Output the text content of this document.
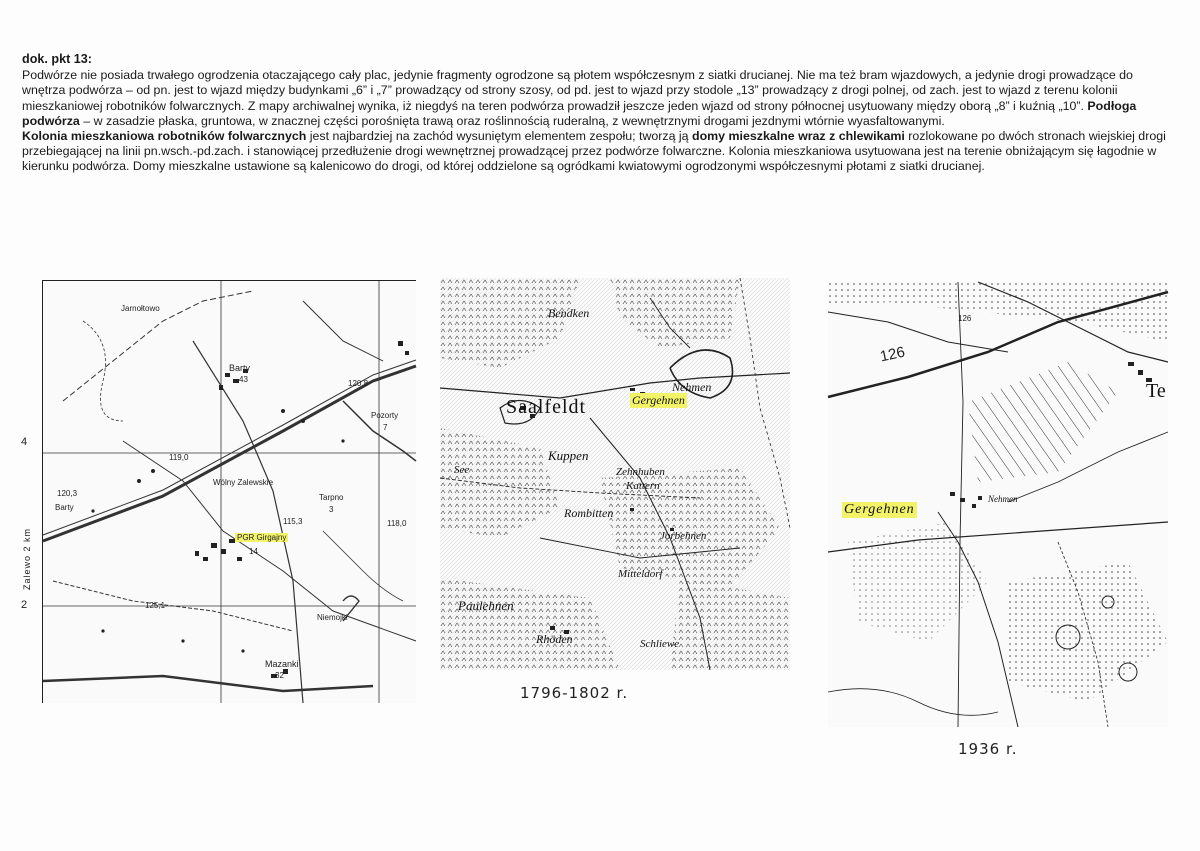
dok. pkt 13:

Podwórze nie posiada trwałego ogrodzenia otaczającego cały plac, jedynie fragmenty ogrodzone są płotem współczesnym z siatki drucianej. Nie ma też bram wjazdowych, a jedynie drogi prowadzące do wnętrza podwórza – od pn. jest to wjazd między budynkami „6” i „7” prowadzący od strony szosy, od pd. jest to wjazd przy stodole „13” prowadzący z drogi polnej, od zach. jest to wjazd z terenu kolonii mieszkaniowej robotników folwarcznych. Z mapy archiwalnej wynika, iż niegdyś na teren podwórza prowadził jeszcze jeden wjazd od strony północnej usytuowany między oborą „8” i kuźnią „10”. Podłoga podwórza – w zasadzie płaska, gruntowa, w znacznej części porośnięta trawą oraz roślinnością ruderalną, z wewnętrznymi drogami jezdnymi wtórnie wyasfaltowanymi.

Kolonia mieszkaniowa robotników folwarcznych jest najbardziej na zachód wysuniętym elementem zespołu; tworzą ją domy mieszkalne wraz z chlewikami rozlokowane po dwóch stronach wiejskiej drogi przebiegającej na linii pn.wsch.-pd.zach. i stanowiącej przedłużenie drogi wewnętrznej prowadzącej przez podwórze folwarczne. Kolonia mieszkaniowa usytuowana jest na terenie obniżającym się łagodnie w kierunku podwórza. Domy mieszkalne ustawione są kalenicowo do drogi, od której oddzielone są ogródkami kwiatowymi ogrodzonymi współczesnymi płotami z siatki drucianej.

4
2
Jarnołtowo
Barty
43	120,8
Pozorty
7
119,0
120,3
Barty
Wólny Zalewskie
Tarpno
3
115,3	118,0
PGR Girgajny
14
125,1
Niemojki
Mazanki
32
Zalewo 2 km
Bendken
Saalfeldt	Gergehnen
Nehmen
Kuppen
Zehnhuben
Kattern
Rombitten
Jorbehnen
Mitteldorf
Paulehnen
Rhöden	Schliewe
See
1796-1802 r.
126
126
Gergehnen
Nehmen
Te
1936 r.
